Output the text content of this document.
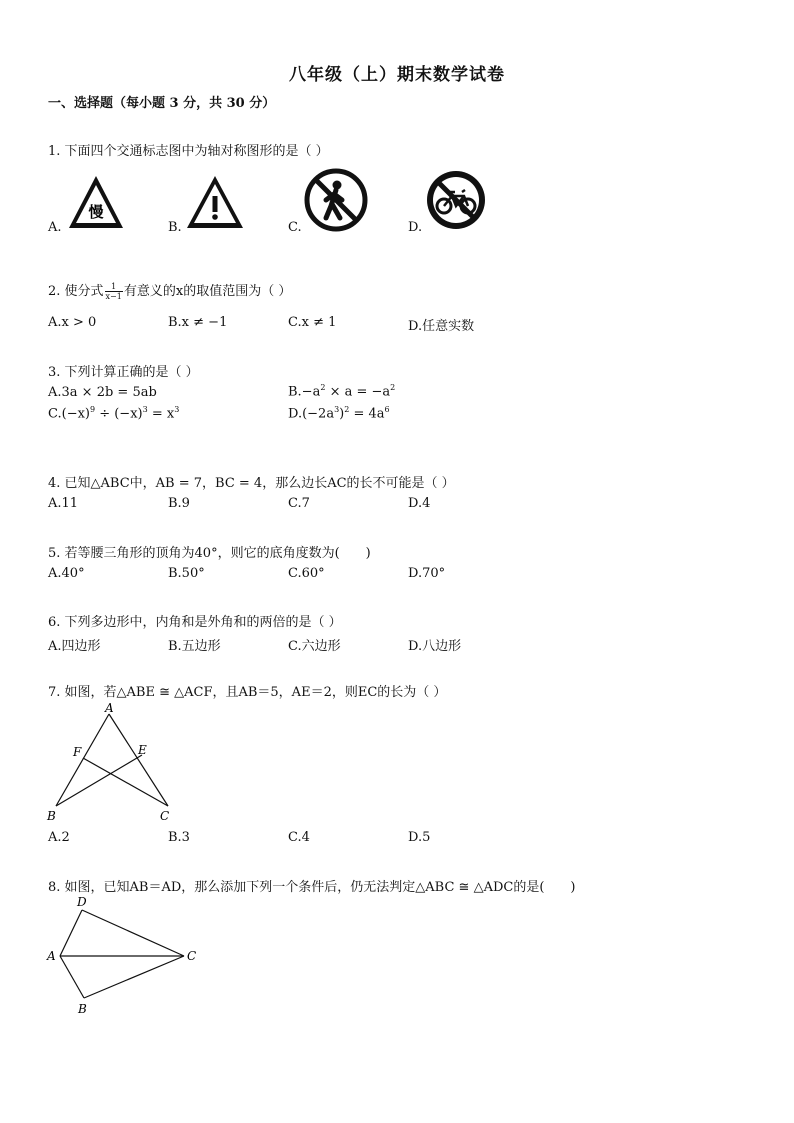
八年级（上）期末数学试卷
一、选择题（每小题 3 分，共 30 分）
1. 下面四个交通标志图中为轴对称图形的是（ ）
慢
A.	B.	C.	D.
2. 使分式 $\frac{1}{x-1}$ 有意义的x的取值范围为（ ）
A.x > 0	B.x ≠ −1	C.x ≠ 1	D.任意实数
3. 下列计算正确的是（ ）
A.3a × 2b = 5ab	$B.-a^2 \times a = -a^2$
$C.(-x)^9 \div (-x)^3 = x^3$	$D.(-2a^3)^2 = 4a^6$
4. 已知△ABC中，AB = 7，BC = 4，那么边长AC的长不可能是（ ）
A.11	B.9	C.7	D.4
5. 若等腰三角形的顶角为40°，则它的底角度数为(　　)
A.40°	B.50°	C.60°	D.70°
6. 下列多边形中，内角和是外角和的两倍的是（ ）
A.四边形	B.五边形	C.六边形	D.八边形
7. 如图，若△ABE ≅ △ACF，且AB＝5，AE＝2，则EC的长为（ ）
A
B	C
E
F
A.2	B.3	C.4	D.5
8. 如图，已知AB＝AD，那么添加下列一个条件后，仍无法判定△ABC ≅ △ADC的是(　　)
D
A	C
B
